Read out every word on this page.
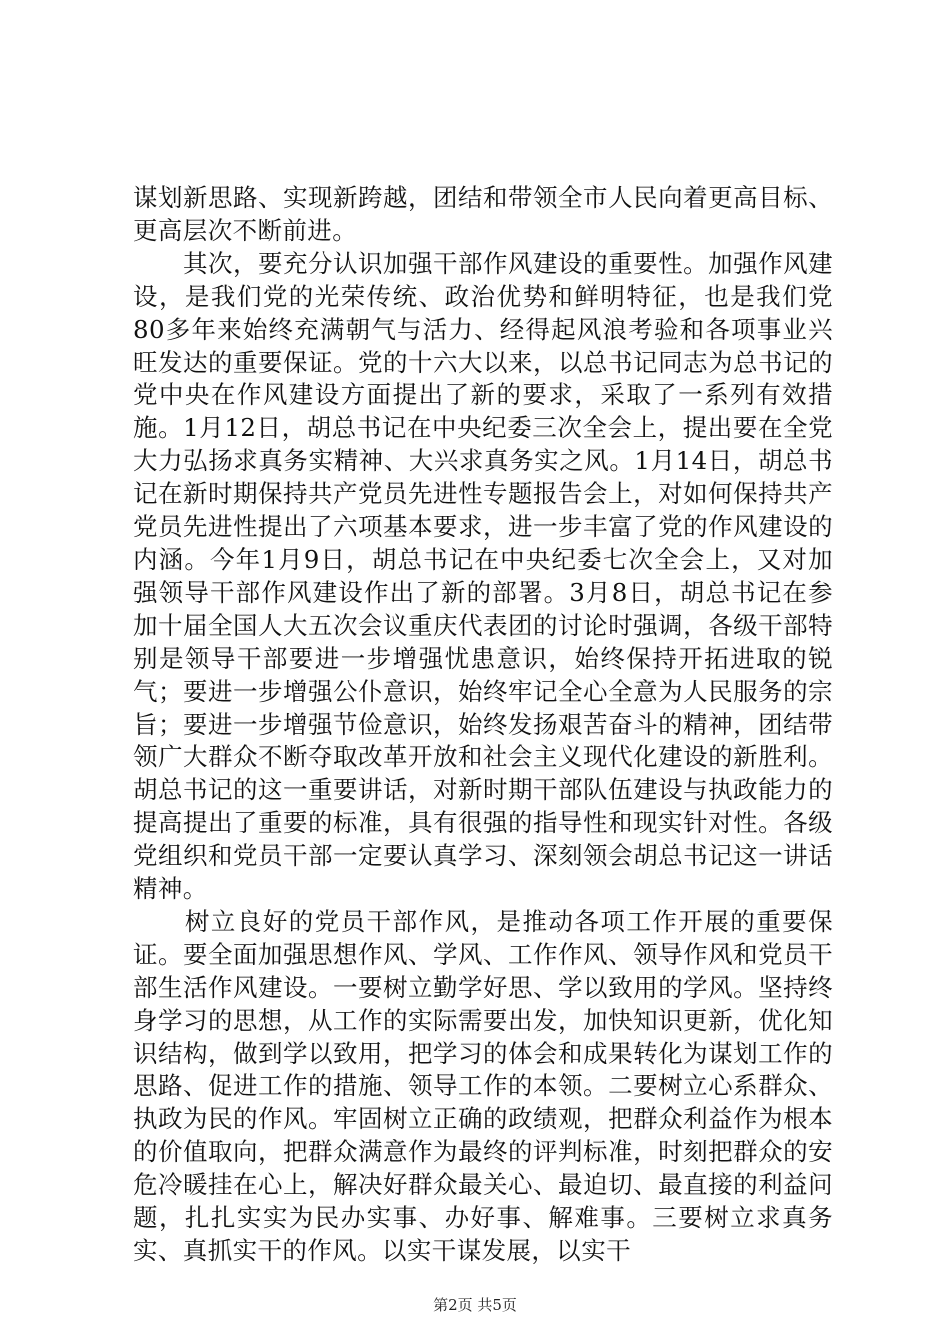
谋划新思路、实现新跨越，团结和带领全市人民向着更高目标、更高层次不断前进。

　　其次，要充分认识加强干部作风建设的重要性。加强作风建设，是我们党的光荣传统、政治优势和鲜明特征，也是我们党80多年来始终充满朝气与活力、经得起风浪考验和各项事业兴旺发达的重要保证。党的十六大以来，以总书记同志为总书记的党中央在作风建设方面提出了新的要求，采取了一系列有效措施。1月12日，胡总书记在中央纪委三次全会上，提出要在全党大力弘扬求真务实精神、大兴求真务实之风。1月14日，胡总书记在新时期保持共产党员先进性专题报告会上，对如何保持共产党员先进性提出了六项基本要求，进一步丰富了党的作风建设的内涵。今年1月9日，胡总书记在中央纪委七次全会上，又对加强领导干部作风建设作出了新的部署。3月8日，胡总书记在参加十届全国人大五次会议重庆代表团的讨论时强调，各级干部特别是领导干部要进一步增强忧患意识，始终保持开拓进取的锐气；要进一步增强公仆意识，始终牢记全心全意为人民服务的宗旨；要进一步增强节俭意识，始终发扬艰苦奋斗的精神，团结带领广大群众不断夺取改革开放和社会主义现代化建设的新胜利。胡总书记的这一重要讲话，对新时期干部队伍建设与执政能力的提高提出了重要的标准，具有很强的指导性和现实针对性。各级党组织和党员干部一定要认真学习、深刻领会胡总书记这一讲话精神。

　　树立良好的党员干部作风，是推动各项工作开展的重要保证。要全面加强思想作风、学风、工作作风、领导作风和党员干部生活作风建设。一要树立勤学好思、学以致用的学风。坚持终身学习的思想，从工作的实际需要出发，加快知识更新，优化知识结构，做到学以致用，把学习的体会和成果转化为谋划工作的思路、促进工作的措施、领导工作的本领。二要树立心系群众、执政为民的作风。牢固树立正确的政绩观，把群众利益作为根本的价值取向，把群众满意作为最终的评判标准，时刻把群众的安危冷暖挂在心上，解决好群众最关心、最迫切、最直接的利益问题，扎扎实实为民办实事、办好事、解难事。三要树立求真务实、真抓实干的作风。以实干谋发展，以实干

第2页 共5页
